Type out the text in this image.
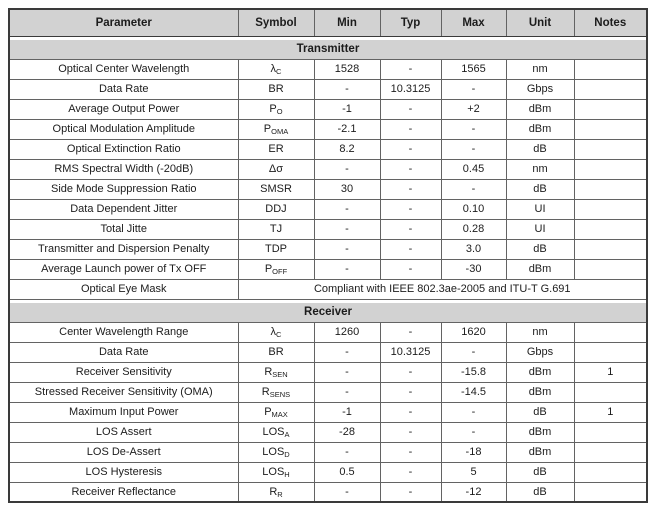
Parameter	Symbol	Min	Typ	Max	Unit	Notes

Transmitter						
Optical Center Wavelength	$\lambda_C$	1528	-	1565	nm	
Data Rate	BR	-	10.3125	-	Gbps	
Average Output Power	$P_O$	-1	-	+2	dBm	
Optical Modulation Amplitude	$P_{OMA}$	-2.1	-	-	dBm	
Optical Extinction Ratio	ER	8.2	-	-	dB	
RMS Spectral Width (-20dB)	Δσ	-	-	0.45	nm	
Side Mode Suppression Ratio	SMSR	30	-	-	dB	
Data Dependent Jitter	DDJ	-	-	0.10	UI	
Total Jitte	TJ	-	-	0.28	UI	
Transmitter and Dispersion Penalty	TDP	-	-	3.0	dB	
Average Launch power of Tx OFF	$P_{OFF}$	-	-	-30	dBm	
Optical Eye Mask	Compliant with IEEE 802.3ae-2005 and ITU-T G.691					

Receiver						
Center Wavelength Range	$\lambda_C$	1260	-	1620	nm	
Data Rate	BR	-	10.3125	-	Gbps	
Receiver Sensitivity	$R_{SEN}$	-	-	-15.8	dBm	1
Stressed Receiver Sensitivity (OMA)	$R_{SENS}$	-	-	-14.5	dBm	
Maximum Input Power	$P_{MAX}$	-1	-	-	dB	1
LOS Assert	$LOS_A$	-28	-	-	dBm	
LOS De-Assert	$LOS_D$	-	-	-18	dBm	
LOS Hysteresis	$LOS_H$	0.5	-	5	dB	
Receiver Reflectance	$R_R$	-	-	-12	dB	
